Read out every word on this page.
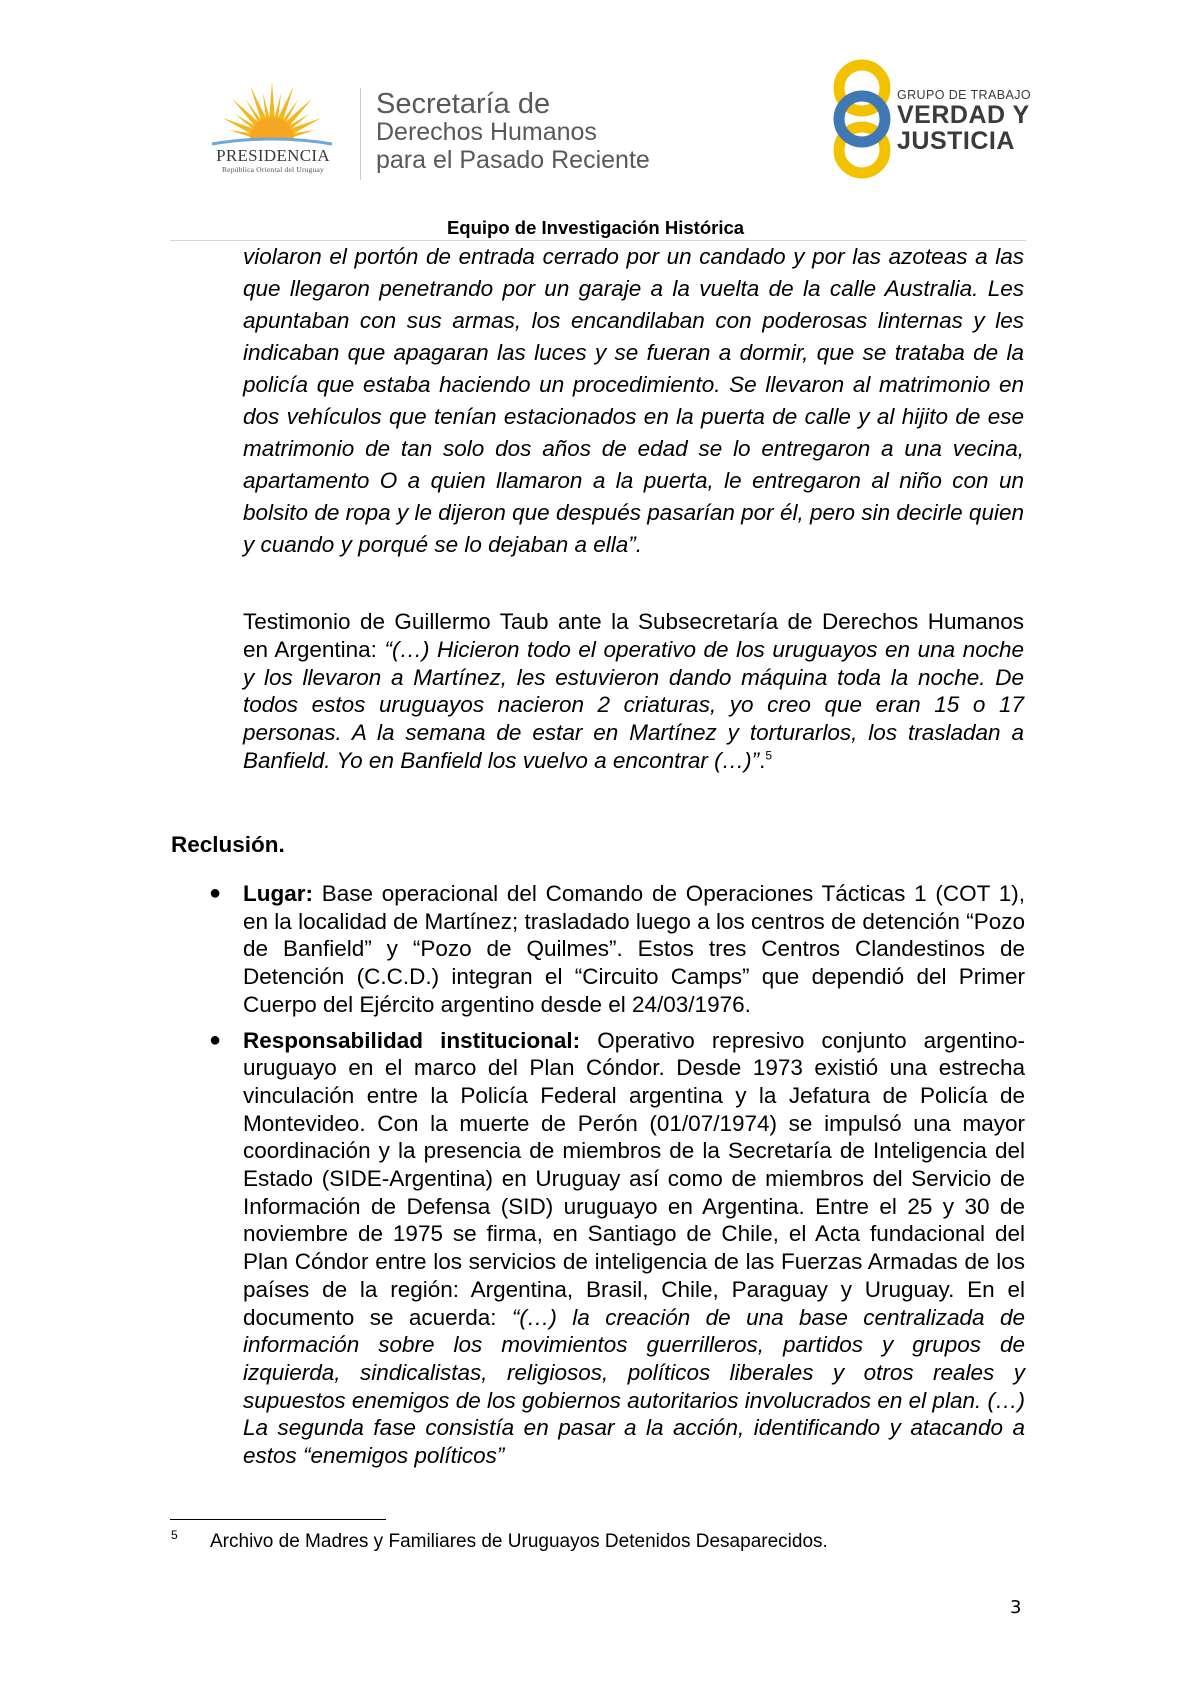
PRESIDENCIA
República Oriental del Uruguay
Secretaría de
Derechos Humanos
para el Pasado Reciente
GRUPO DE TRABAJO
VERDAD Y
JUSTICIA
Equipo de Investigación Histórica
violaron el portón de entrada cerrado por un candado y por las azoteas a las que llegaron penetrando por un garaje a la vuelta de la calle Australia. Les apuntaban con sus armas, los encandilaban con poderosas linternas y les indicaban que apagaran las luces y se fueran a dormir, que se trataba de la policía que estaba haciendo un procedimiento. Se llevaron al matrimonio en dos vehículos que tenían estacionados en la puerta de calle y al hijito de ese matrimonio de tan solo dos años de edad se lo entregaron a una vecina, apartamento O a quien llamaron a la puerta, le entregaron al niño con un bolsito de ropa y le dijeron que después pasarían por él, pero sin decirle quien y cuando y porqué se lo dejaban a ella”.
Testimonio de Guillermo Taub ante la Subsecretaría de Derechos Humanos en Argentina: “(…) Hicieron todo el operativo de los uruguayos en una noche y los llevaron a Martínez, les estuvieron dando máquina toda la noche. De todos estos uruguayos nacieron 2 criaturas, yo creo que eran 15 o 17 personas. A la semana de estar en Martínez y torturarlos, los trasladan a Banfield. Yo en Banfield los vuelvo a encontrar (…)”.$^5$
Reclusión.
● Lugar: Base operacional del Comando de Operaciones Tácticas 1 (COT 1), en la localidad de Martínez; trasladado luego a los centros de detención “Pozo de Banfield” y “Pozo de Quilmes”. Estos tres Centros Clandestinos de Detención (C.C.D.) integran el “Circuito Camps” que dependió del Primer Cuerpo del Ejército argentino desde el 24/03/1976.
● Responsabilidad institucional: Operativo represivo conjunto argentino-uruguayo en el marco del Plan Cóndor. Desde 1973 existió una estrecha vinculación entre la Policía Federal argentina y la Jefatura de Policía de Montevideo. Con la muerte de Perón (01/07/1974) se impulsó una mayor coordinación y la presencia de miembros de la Secretaría de Inteligencia del Estado (SIDE-Argentina) en Uruguay así como de miembros del Servicio de Información de Defensa (SID) uruguayo en Argentina. Entre el 25 y 30 de noviembre de 1975 se firma, en Santiago de Chile, el Acta fundacional del Plan Cóndor entre los servicios de inteligencia de las Fuerzas Armadas de los países de la región: Argentina, Brasil, Chile, Paraguay y Uruguay. En el documento se acuerda: “(…) la creación de una base centralizada de información sobre los movimientos guerrilleros, partidos y grupos de izquierda, sindicalistas, religiosos, políticos liberales y otros reales y supuestos enemigos de los gobiernos autoritarios involucrados en el plan. (…) La segunda fase consistía en pasar a la acción, identificando y atacando a estos “enemigos políticos”
5 Archivo de Madres y Familiares de Uruguayos Detenidos Desaparecidos.
3
